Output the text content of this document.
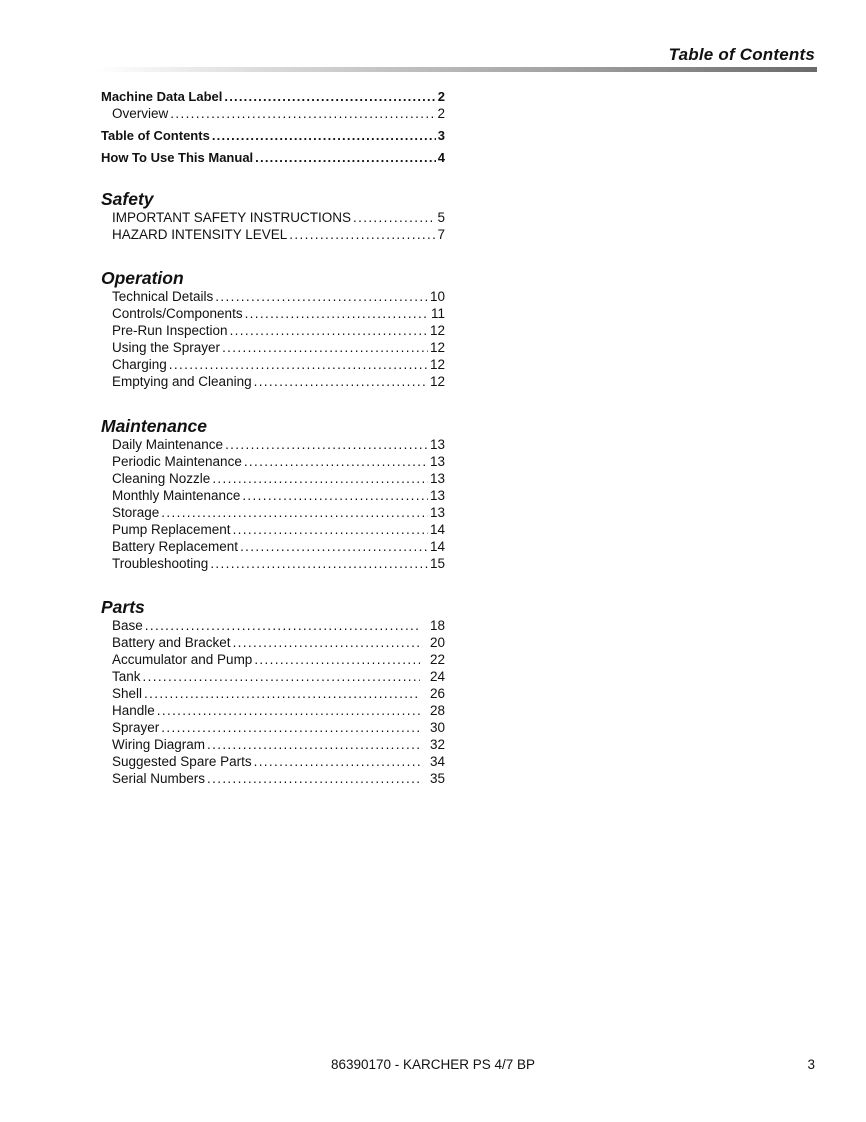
Table of Contents
Machine Data Label . . .	2
Overview . . .	2
Table of Contents . . .	3
How To Use This Manual . . .	4
Safety
IMPORTANT SAFETY INSTRUCTIONS . . .	5
HAZARD INTENSITY LEVEL . . .	7
Operation
Technical Details . . .	10
Controls/Components . . .	11
Pre-Run Inspection . . .	12
Using the Sprayer . . .	12
Charging . . .	12
Emptying and Cleaning . . .	12
Maintenance
Daily Maintenance . . .	13
Periodic Maintenance . . .	13
Cleaning Nozzle . . .	13
Monthly Maintenance . . .	13
Storage . . .	13
Pump Replacement . . .	14
Battery Replacement . . .	14
Troubleshooting . . .	15
Parts
Base . . .	18
Battery and Bracket . . .	20
Accumulator and Pump . . .	22
Tank . . .	24
Shell . . .	26
Handle . . .	28
Sprayer . . .	30
Wiring Diagram . . .	32
Suggested Spare Parts . . .	34
Serial Numbers . . .	35
86390170 - KARCHER PS 4/7 BP	3
